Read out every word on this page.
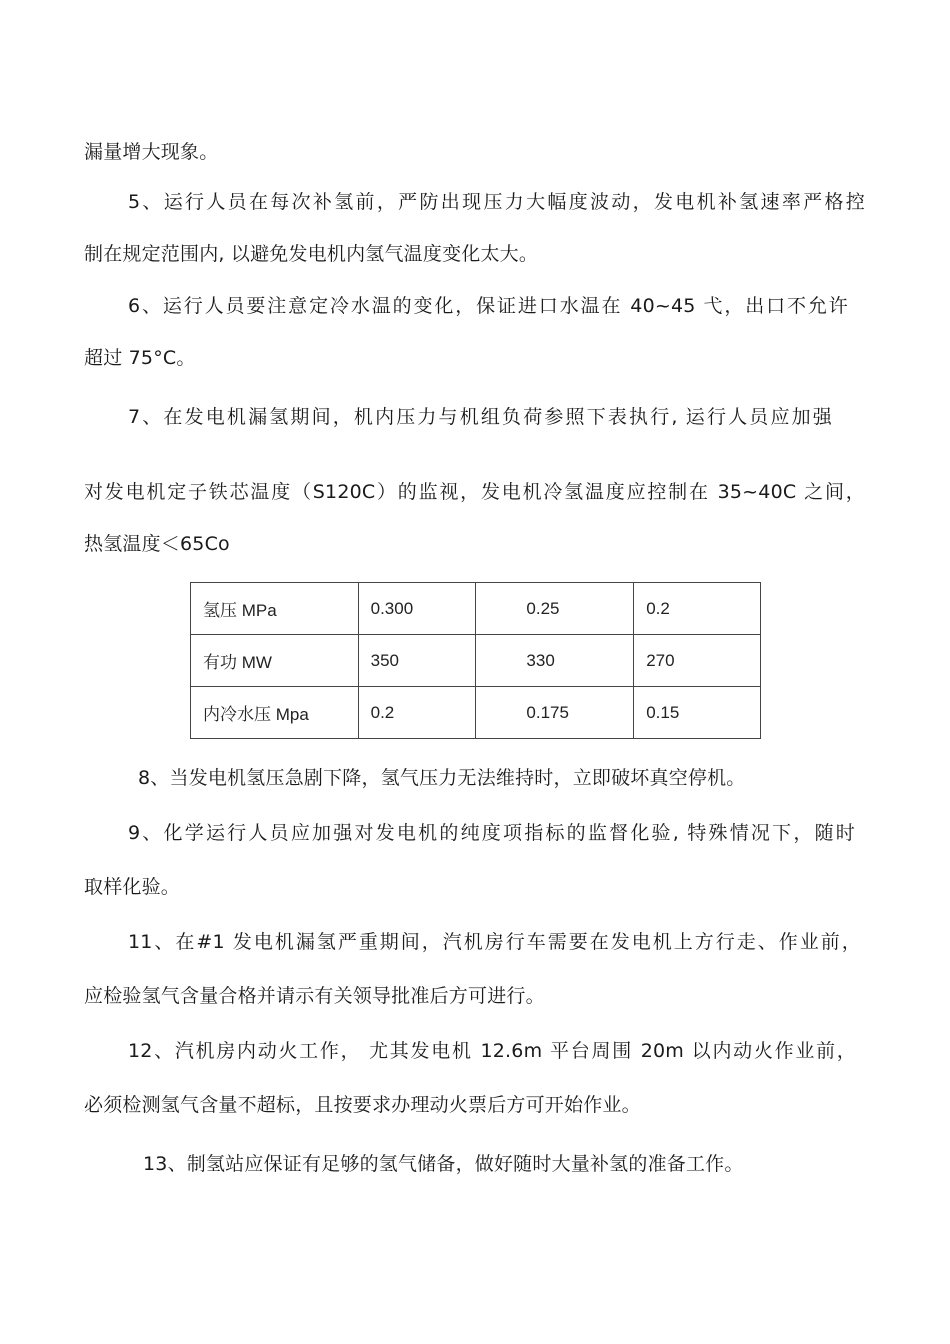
漏量增大现象。
5、运行人员在每次补氢前，严防出现压力大幅度波动，发电机补氢速率严格控
制在规定范围内, 以避免发电机内氢气温度变化太大。
6、运行人员要注意定冷水温的变化，保证进口水温在 40~45 弋，出口不允许
超过 75°C。
7、在发电机漏氢期间，机内压力与机组负荷参照下表执行, 运行人员应加强
对发电机定子铁芯温度（S120C）的监视，发电机冷氢温度应控制在 35~40C 之间，
热氢温度＜65Co
氢压 MPa	0.300	0.25	0.2
有功 MW	350	330	270
内冷水压 Mpa	0.2	0.175	0.15
8、当发电机氢压急剧下降，氢气压力无法维持时，立即破坏真空停机。
9、化学运行人员应加强对发电机的纯度项指标的监督化验, 特殊情况下，随时
取样化验。
11、在#1 发电机漏氢严重期间，汽机房行车需要在发电机上方行走、作业前，
应检验氢气含量合格并请示有关领导批准后方可进行。
12、汽机房内动火工作， 尤其发电机 12.6m 平台周围 20m 以内动火作业前，
必须检测氢气含量不超标，且按要求办理动火票后方可开始作业。
13、制氢站应保证有足够的氢气储备，做好随时大量补氢的准备工作。
